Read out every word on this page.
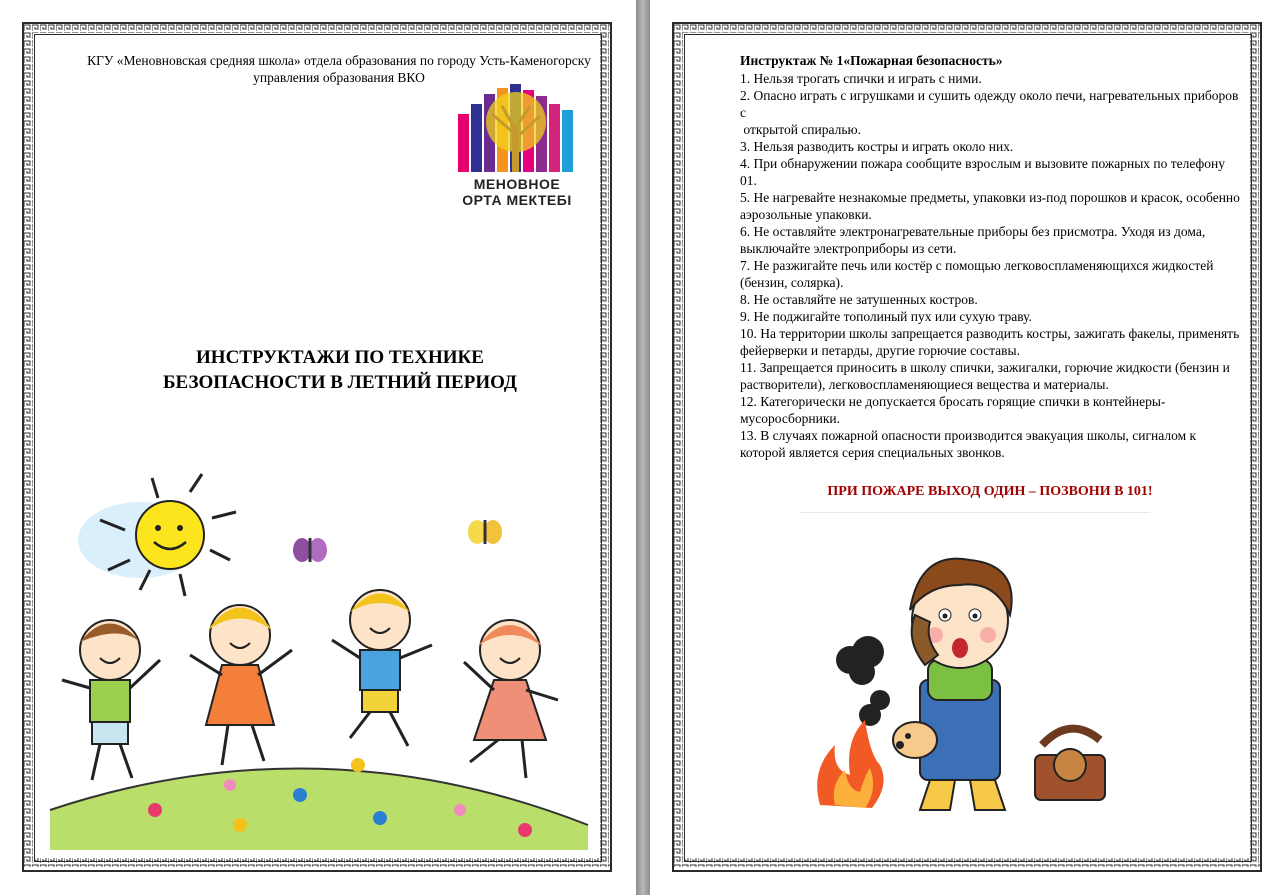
КГУ «Меновновская средняя школа» отдела образования по городу Усть-Каменогорску управления образования ВКО
МЕНОВНОЕ
ОРТА МЕКТЕБІ
ИНСТРУКТАЖИ ПО ТЕХНИКЕ
БЕЗОПАСНОСТИ В ЛЕТНИЙ ПЕРИОД
Инструктаж № 1«Пожарная безопасность»

1. Нельзя трогать спички и играть с ними.

2. Опасно играть с игрушками и сушить одежду около печи, нагревательных приборов с

открытой спиралью.

3. Нельзя разводить костры и играть около них.

4. При обнаружении пожара сообщите взрослым и вызовите пожарных по телефону 01.

5. Не нагревайте незнакомые предметы, упаковки из-под порошков и красок, особенно аэрозольные упаковки.

6. Не оставляйте электронагревательные приборы без присмотра. Уходя из дома, выключайте электроприборы из сети.

7. Не разжигайте печь или костёр с помощью легковоспламеняющихся жидкостей (бензин, солярка).

8. Не оставляйте не затушенных костров.

9. Не поджигайте тополиный пух или сухую траву.

10. На территории школы запрещается разводить костры, зажигать факелы, применять фейерверки и петарды, другие горючие составы.

11. Запрещается приносить в школу спички, зажигалки, горючие жидкости (бензин и растворители), легковоспламеняющиеся вещества и материалы.

12. Категорически не допускается бросать горящие спички в контейнеры-мусоросборники.

13. В случаях пожарной опасности производится эвакуация школы, сигналом к которой является серия специальных звонков.

ПРИ ПОЖАРЕ ВЫХОД ОДИН – ПОЗВОНИ В 101!
